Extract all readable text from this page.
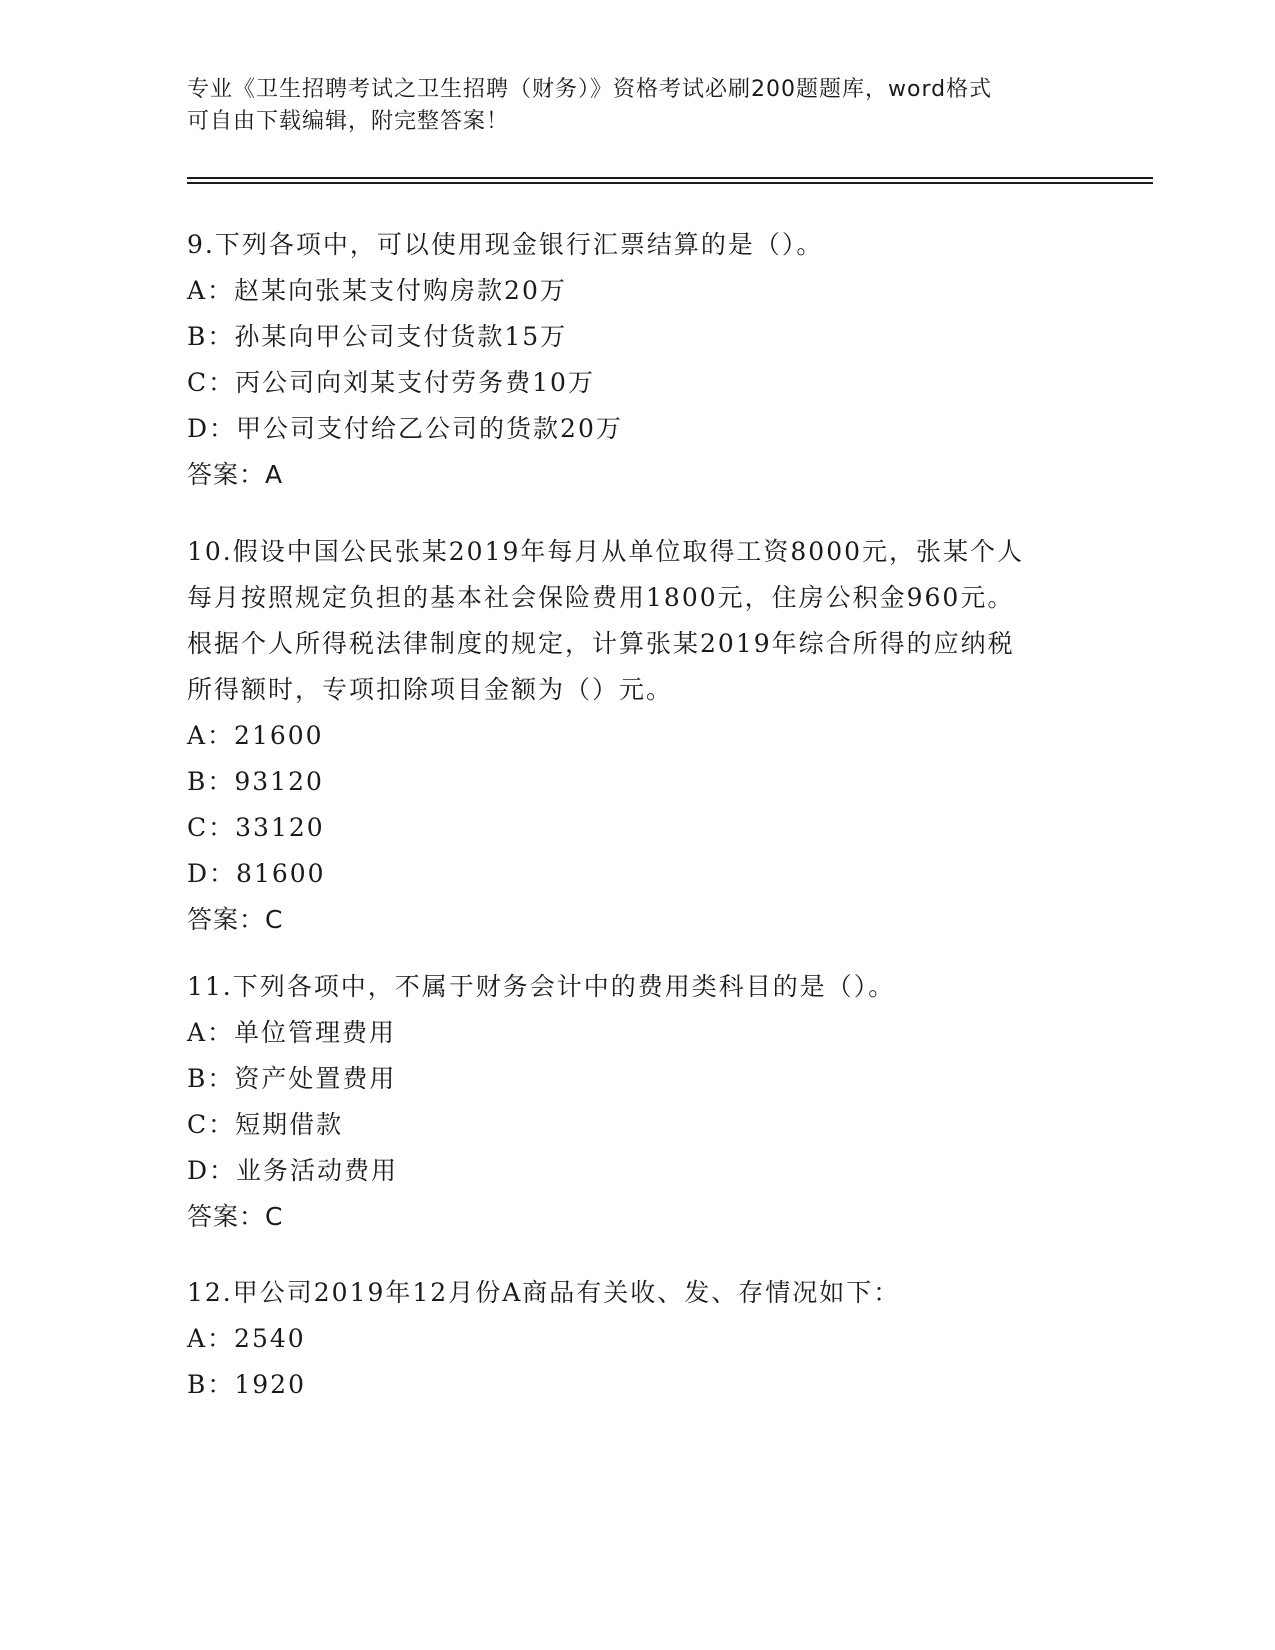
专业《卫生招聘考试之卫生招聘（财务）》资格考试必刷200题题库，word格式
可自由下载编辑，附完整答案！
9.下列各项中，可以使用现金银行汇票结算的是（）。
A：赵某向张某支付购房款20万
B：孙某向甲公司支付货款15万
C：丙公司向刘某支付劳务费10万
D：甲公司支付给乙公司的货款20万
答案：A
10.假设中国公民张某2019年每月从单位取得工资8000元，张某个人
每月按照规定负担的基本社会保险费用1800元，住房公积金960元。
根据个人所得税法律制度的规定，计算张某2019年综合所得的应纳税
所得额时，专项扣除项目金额为（）元。
A：21600
B：93120
C：33120
D：81600
答案：C
11.下列各项中，不属于财务会计中的费用类科目的是（）。
A：单位管理费用
B：资产处置费用
C：短期借款
D：业务活动费用
答案：C
12.甲公司2019年12月份A商品有关收、发、存情况如下：
A：2540
B：1920
